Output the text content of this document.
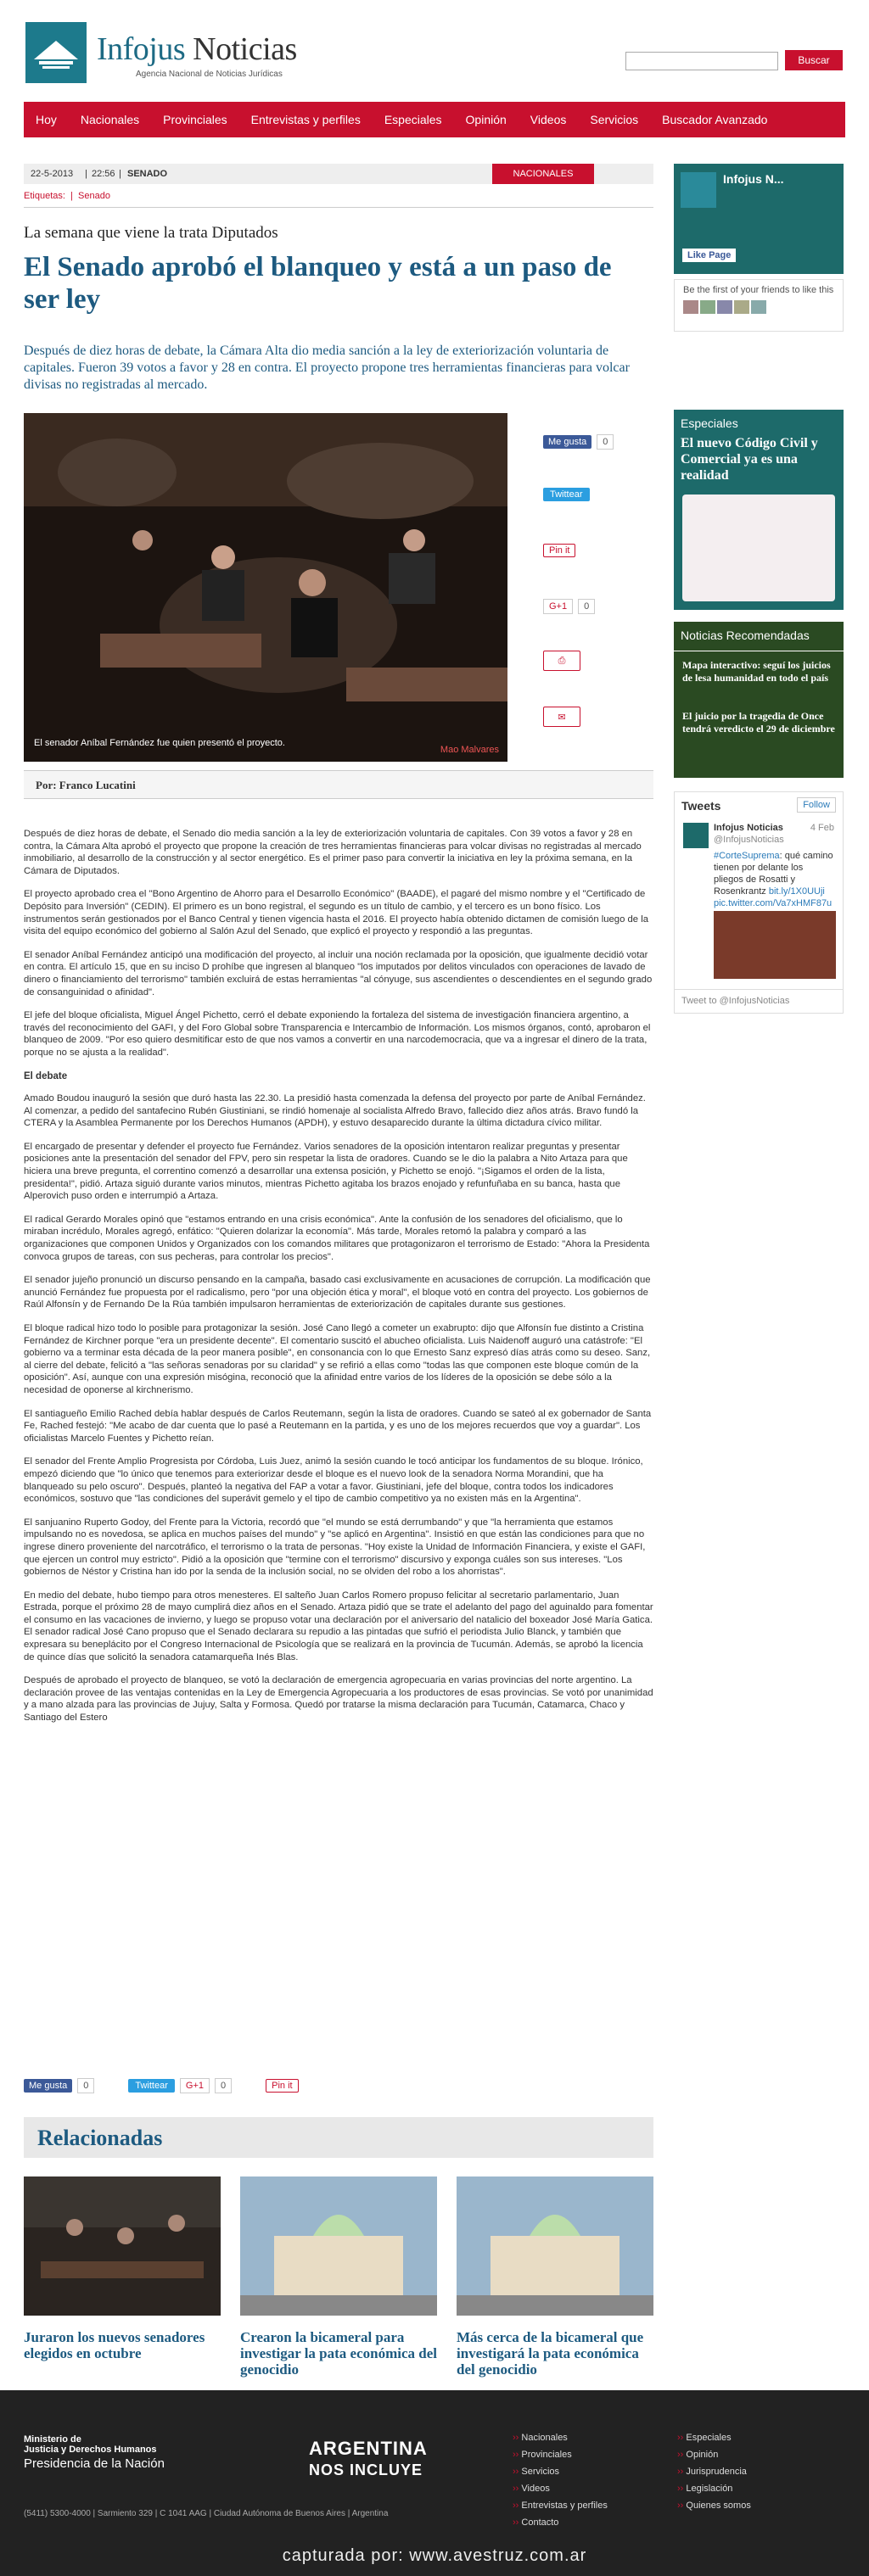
Infojus Noticias
Agencia Nacional de Noticias Jurídicas
Buscar
Hoy	Nacionales	Provinciales	Entrevistas y perfiles	Especiales	Opinión	Videos	Servicios	Buscador Avanzado
22-5-2013 | 22:56 | SENADO	NACIONALES
Etiquetas: | Senado
La semana que viene la trata Diputados
El Senado aprobó el blanqueo y está a un paso de ser ley
Después de diez horas de debate, la Cámara Alta dio media sanción a la ley de exteriorización voluntaria de capitales. Fueron 39 votos a favor y 28 en contra. El proyecto propone tres herramientas financieras para volcar divisas no registradas al mercado.
El senador Aníbal Fernández fue quien presentó el proyecto.
Mao Malvares
Me gusta	0
Twittear
Pin it
G+1	0
⎙
✉
Por: Franco Lucatini

Después de diez horas de debate, el Senado dio media sanción a la ley de exteriorización voluntaria de capitales. Con 39 votos a favor y 28 en contra, la Cámara Alta aprobó el proyecto que propone la creación de tres herramientas financieras para volcar divisas no registradas al mercado inmobiliario, al desarrollo de la construcción y al sector energético. Es el primer paso para convertir la iniciativa en ley la próxima semana, en la Cámara de Diputados.

El proyecto aprobado crea el "Bono Argentino de Ahorro para el Desarrollo Económico" (BAADE), el pagaré del mismo nombre y el "Certificado de Depósito para Inversión" (CEDIN). El primero es un bono registral, el segundo es un título de cambio, y el tercero es un bono físico. Los instrumentos serán gestionados por el Banco Central y tienen vigencia hasta el 2016. El proyecto había obtenido dictamen de comisión luego de la visita del equipo económico del gobierno al Salón Azul del Senado, que explicó el proyecto y respondió a las preguntas.

El senador Aníbal Fernández anticipó una modificación del proyecto, al incluir una noción reclamada por la oposición, que igualmente decidió votar en contra. El artículo 15, que en su inciso D prohíbe que ingresen al blanqueo "los imputados por delitos vinculados con operaciones de lavado de dinero o financiamiento del terrorismo" también excluirá de estas herramientas "al cónyuge, sus ascendientes o descendientes en el segundo grado de consanguinidad o afinidad".

El jefe del bloque oficialista, Miguel Ángel Pichetto, cerró el debate exponiendo la fortaleza del sistema de investigación financiera argentino, a través del reconocimiento del GAFI, y del Foro Global sobre Transparencia e Intercambio de Información. Los mismos órganos, contó, aprobaron el blanqueo de 2009. "Por eso quiero desmitificar esto de que nos vamos a convertir en una narcodemocracia, que va a ingresar el dinero de la trata, porque no se ajusta a la realidad".

El debate

Amado Boudou inauguró la sesión que duró hasta las 22.30. La presidió hasta comenzada la defensa del proyecto por parte de Aníbal Fernández. Al comenzar, a pedido del santafecino Rubén Giustiniani, se rindió homenaje al socialista Alfredo Bravo, fallecido diez años atrás. Bravo fundó la CTERA y la Asamblea Permanente por los Derechos Humanos (APDH), y estuvo desaparecido durante la última dictadura cívico militar.

El encargado de presentar y defender el proyecto fue Fernández. Varios senadores de la oposición intentaron realizar preguntas y presentar posiciones ante la presentación del senador del FPV, pero sin respetar la lista de oradores. Cuando se le dio la palabra a Nito Artaza para que hiciera una breve pregunta, el correntino comenzó a desarrollar una extensa posición, y Pichetto se enojó. "¡Sigamos el orden de la lista, presidenta!", pidió. Artaza siguió durante varios minutos, mientras Pichetto agitaba los brazos enojado y refunfuñaba en su banca, hasta que Alperovich puso orden e interrumpió a Artaza.

El radical Gerardo Morales opinó que "estamos entrando en una crisis económica". Ante la confusión de los senadores del oficialismo, que lo miraban incrédulo, Morales agregó, enfático: "Quieren dolarizar la economía". Más tarde, Morales retomó la palabra y comparó a las organizaciones que componen Unidos y Organizados con los comandos militares que protagonizaron el terrorismo de Estado: "Ahora la Presidenta convoca grupos de tareas, con sus pecheras, para controlar los precios".

El senador jujeño pronunció un discurso pensando en la campaña, basado casi exclusivamente en acusaciones de corrupción. La modificación que anunció Fernández fue propuesta por el radicalismo, pero "por una objeción ética y moral", el bloque votó en contra del proyecto. Los gobiernos de Raúl Alfonsín y de Fernando De la Rúa también impulsaron herramientas de exteriorización de capitales durante sus gestiones.

El bloque radical hizo todo lo posible para protagonizar la sesión. José Cano llegó a cometer un exabrupto: dijo que Alfonsín fue distinto a Cristina Fernández de Kirchner porque "era un presidente decente". El comentario suscitó el abucheo oficialista. Luis Naidenoff auguró una catástrofe: "El gobierno va a terminar esta década de la peor manera posible", en consonancia con lo que Ernesto Sanz expresó días atrás como su deseo. Sanz, al cierre del debate, felicitó a "las señoras senadoras por su claridad" y se refirió a ellas como "todas las que componen este bloque común de la oposición". Así, aunque con una expresión misógina, reconoció que la afinidad entre varios de los líderes de la oposición se debe sólo a la necesidad de oponerse al kirchnerismo.

El santiagueño Emilio Rached debía hablar después de Carlos Reutemann, según la lista de oradores. Cuando se sateó al ex gobernador de Santa Fe, Rached festejó: "Me acabo de dar cuenta que lo pasé a Reutemann en la partida, y es uno de los mejores recuerdos que voy a guardar". Los oficialistas Marcelo Fuentes y Pichetto reían.

El senador del Frente Amplio Progresista por Córdoba, Luis Juez, animó la sesión cuando le tocó anticipar los fundamentos de su bloque. Irónico, empezó diciendo que "lo único que tenemos para exteriorizar desde el bloque es el nuevo look de la senadora Norma Morandini, que ha blanqueado su pelo oscuro". Después, planteó la negativa del FAP a votar a favor. Giustiniani, jefe del bloque, contra todos los indicadores económicos, sostuvo que "las condiciones del superávit gemelo y el tipo de cambio competitivo ya no existen más en la Argentina".

El sanjuanino Ruperto Godoy, del Frente para la Victoria, recordó que "el mundo se está derrumbando" y que "la herramienta que estamos impulsando no es novedosa, se aplica en muchos países del mundo" y "se aplicó en Argentina". Insistió en que están las condiciones para que no ingrese dinero proveniente del narcotráfico, el terrorismo o la trata de personas. "Hoy existe la Unidad de Información Financiera, y existe el GAFI, que ejercen un control muy estricto". Pidió a la oposición que "termine con el terrorismo" discursivo y exponga cuáles son sus intereses. "Los gobiernos de Néstor y Cristina han ido por la senda de la inclusión social, no se olviden del robo a los ahorristas".

En medio del debate, hubo tiempo para otros menesteres. El salteño Juan Carlos Romero propuso felicitar al secretario parlamentario, Juan Estrada, porque el próximo 28 de mayo cumplirá diez años en el Senado. Artaza pidió que se trate el adelanto del pago del aguinaldo para fomentar el consumo en las vacaciones de invierno, y luego se propuso votar una declaración por el aniversario del natalicio del boxeador José María Gatica. El senador radical José Cano propuso que el Senado declarara su repudio a las pintadas que sufrió el periodista Julio Blanck, y también que expresara su beneplácito por el Congreso Internacional de Psicología que se realizará en la provincia de Tucumán. Además, se aprobó la licencia de quince días que solicitó la senadora catamarqueña Inés Blas.

Después de aprobado el proyecto de blanqueo, se votó la declaración de emergencia agropecuaria en varias provincias del norte argentino. La declaración provee de las ventajas contenidas en la Ley de Emergencia Agropecuaria a los productores de esas provincias. Se votó por unanimidad y a mano alzada para las provincias de Jujuy, Salta y Formosa. Quedó por tratarse la misma declaración para Tucumán, Catamarca, Chaco y Santiago del Estero

Me gusta	0	Twittear	G+1	0	Pin it
Relacionadas
Juraron los nuevos senadores elegidos en octubre
Crearon la bicameral para investigar la pata económica del genocidio
Más cerca de la bicameral que investigará la pata económica del genocidio
Infojus N...
Like Page
Be the first of your friends to like this
Especiales
El nuevo Código Civil y Comercial ya es una realidad
Noticias Recomendadas
Mapa interactivo: seguí los juicios de lesa humanidad en todo el país
El juicio por la tragedia de Once tendrá veredicto el 29 de diciembre
Tweets	Follow
Infojus Noticias	4 Feb
@InfojusNoticias
#CorteSuprema: qué camino tienen por delante los pliegos de Rosatti y Rosenkrantz bit.ly/1X0UUji pic.twitter.com/Va7xHMF87u
Tweet to @InfojusNoticias
Ministerio de
Justicia y Derechos Humanos
Presidencia de la Nación
ARGENTINA
NOS INCLUYE
(5411) 5300-4000 | Sarmiento 329 | C 1041 AAG | Ciudad Autónoma de Buenos Aires | Argentina
›› Nacionales
›› Provinciales
›› Servicios
›› Videos
›› Entrevistas y perfiles
›› Contacto
›› Especiales
›› Opinión
›› Jurisprudencia
›› Legislación
›› Quienes somos
capturada por: www.avestruz.com.ar
